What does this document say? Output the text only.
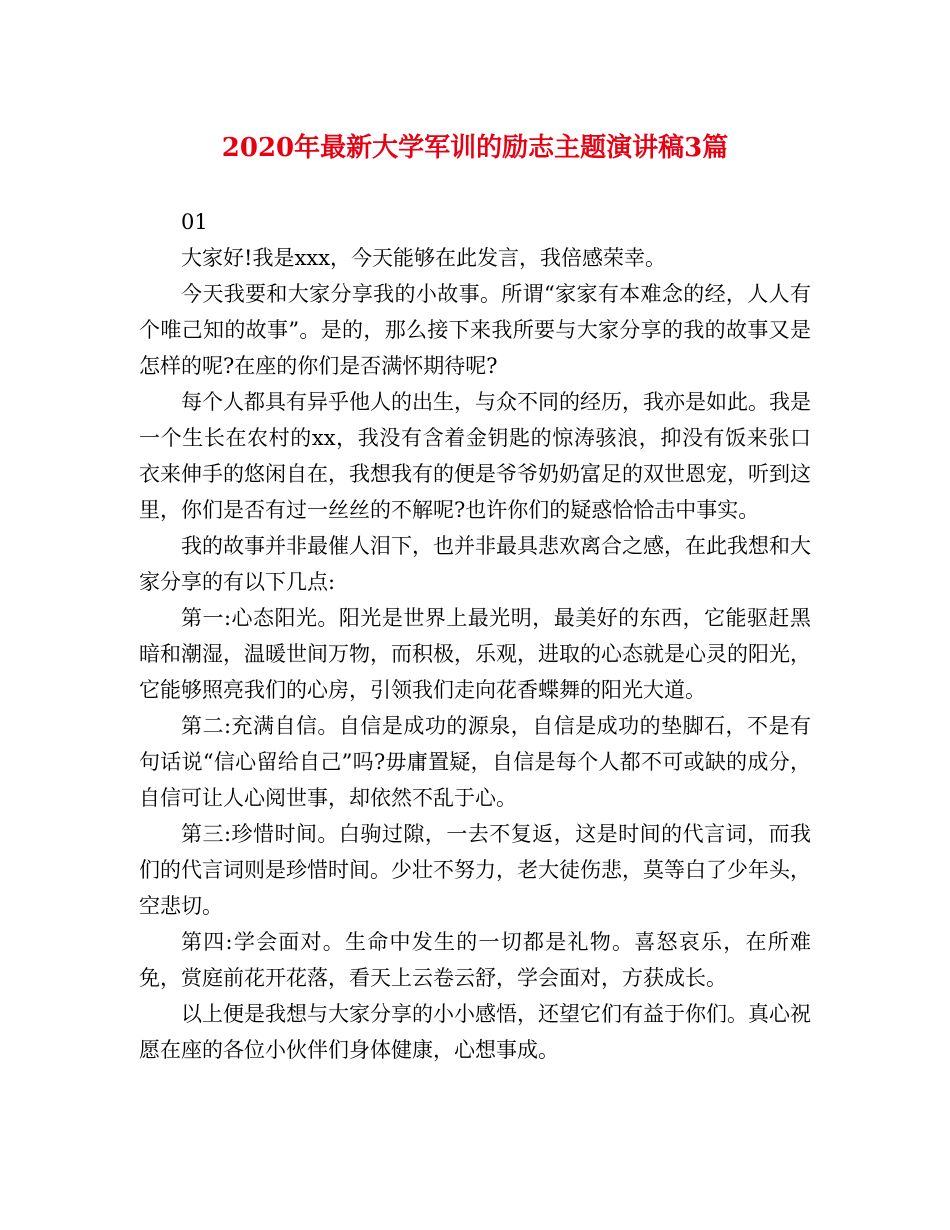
2020年最新大学军训的励志主题演讲稿3篇

01

大家好!我是xxx，今天能够在此发言，我倍感荣幸。

今天我要和大家分享我的小故事。所谓“家家有本难念的经，人人有个唯己知的故事”。是的，那么接下来我所要与大家分享的我的故事又是怎样的呢?在座的你们是否满怀期待呢?

每个人都具有异乎他人的出生，与众不同的经历，我亦是如此。我是一个生长在农村的xx，我没有含着金钥匙的惊涛骇浪，抑没有饭来张口衣来伸手的悠闲自在，我想我有的便是爷爷奶奶富足的双世恩宠，听到这里，你们是否有过一丝丝的不解呢?也许你们的疑惑恰恰击中事实。

我的故事并非最催人泪下，也并非最具悲欢离合之感，在此我想和大家分享的有以下几点:

第一:心态阳光。阳光是世界上最光明，最美好的东西，它能驱赶黑暗和潮湿，温暖世间万物，而积极，乐观，进取的心态就是心灵的阳光，它能够照亮我们的心房，引领我们走向花香蝶舞的阳光大道。

第二:充满自信。自信是成功的源泉，自信是成功的垫脚石，不是有句话说“信心留给自己”吗?毋庸置疑，自信是每个人都不可或缺的成分，自信可让人心阅世事，却依然不乱于心。

第三:珍惜时间。白驹过隙，一去不复返，这是时间的代言词，而我们的代言词则是珍惜时间。少壮不努力，老大徒伤悲，莫等白了少年头，空悲切。

第四:学会面对。生命中发生的一切都是礼物。喜怒哀乐，在所难免，赏庭前花开花落，看天上云卷云舒，学会面对，方获成长。

以上便是我想与大家分享的小小感悟，还望它们有益于你们。真心祝愿在座的各位小伙伴们身体健康，心想事成。
